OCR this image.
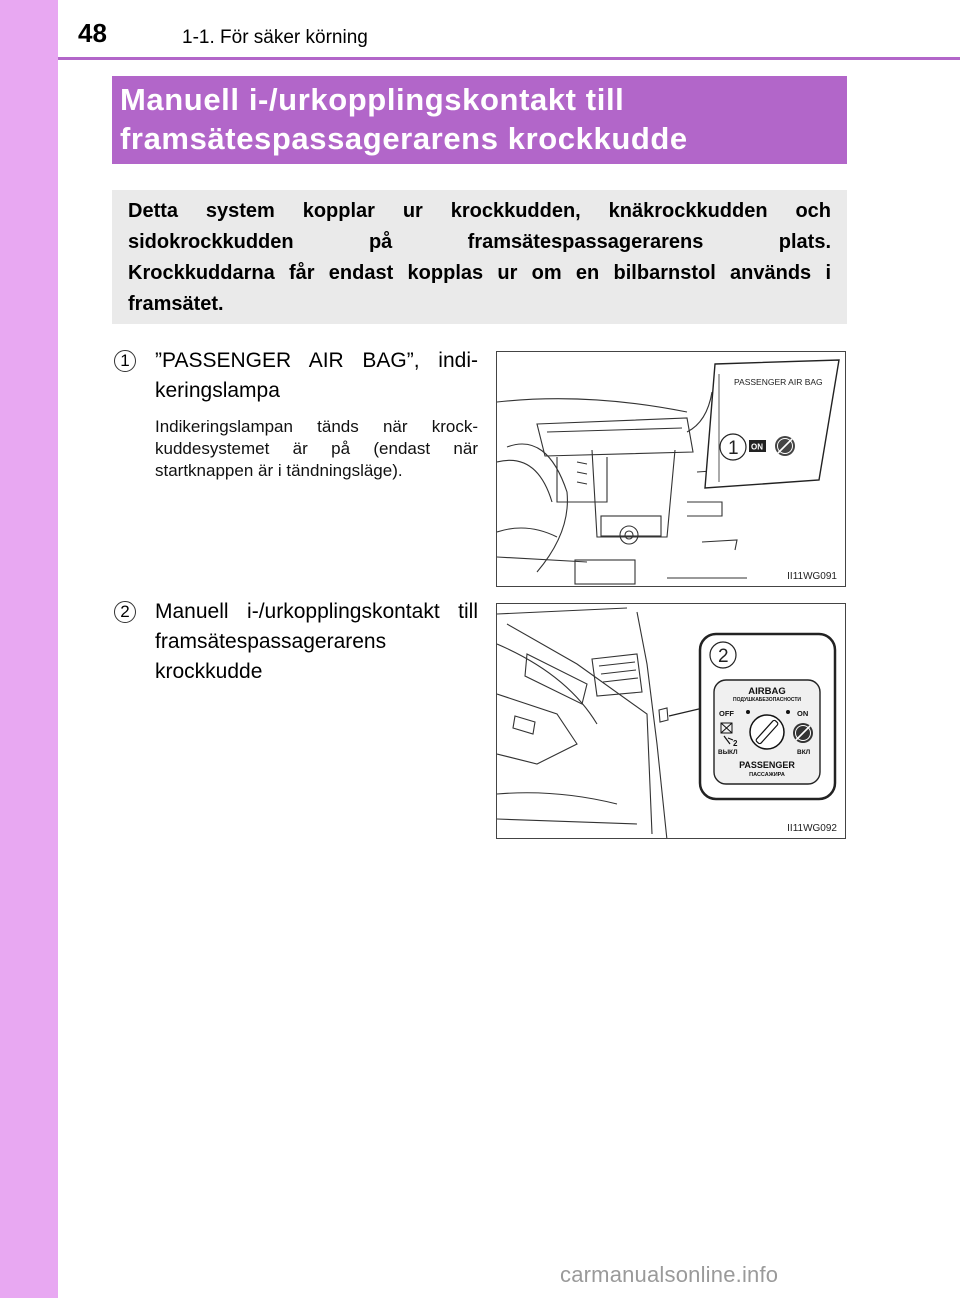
48	1-1. För säker körning
Manuell i-/urkopplingskontakt till
framsätespassagerarens krockkudde

Detta system kopplar ur krockkudden, knäkrockkudden och sidokrockkudden på framsätespassagerarens plats.

Krockkuddarna får endast kopplas ur om en bilbarnstol används i framsätet.

1 ”PASSENGER AIR BAG”, indi-keringslampa
Indikeringslampan tänds när krock-kuddesystemet är på (endast när startknappen är i tändningsläge).
2 Manuell i-/urkopplingskontakt till framsätespassagerarens krockkudde
PASSENGER AIR BAG
1 ON
II11WG091
2
AIRBAG
ПОДУШКАБЕЗОПАСНОСТИ
OFF	ON
ВЫКЛ	ВКЛ
PASSENGER
ПАССАЖИРА
2
II11WG092
carmanualsonline.info
